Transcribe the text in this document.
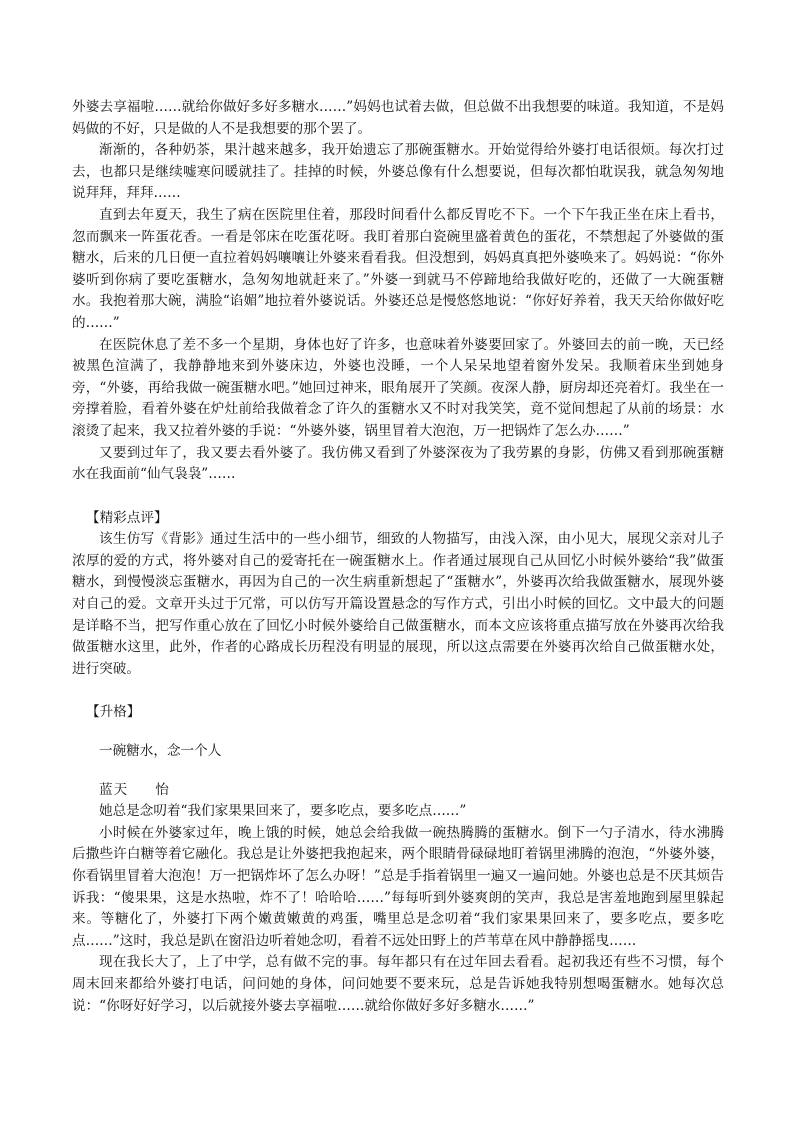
外婆去享福啦……就给你做好多好多糖水……”妈妈也试着去做，但总做不出我想要的味道。我知道，不是妈妈做的不好，只是做的人不是我想要的那个罢了。

渐渐的，各种奶茶，果汁越来越多，我开始遗忘了那碗蛋糖水。开始觉得给外婆打电话很烦。每次打过去，也都只是继续嘘寒问暖就挂了。挂掉的时候，外婆总像有什么想要说，但每次都怕耽误我，就急匆匆地说拜拜，拜拜……

直到去年夏天，我生了病在医院里住着，那段时间看什么都反胃吃不下。一个下午我正坐在床上看书，忽而飘来一阵蛋花香。一看是邻床在吃蛋花呀。我盯着那白瓷碗里盛着黄色的蛋花，不禁想起了外婆做的蛋糖水，后来的几日便一直拉着妈妈嚷嚷让外婆来看看我。但没想到，妈妈真真把外婆唤来了。妈妈说：“你外婆听到你病了要吃蛋糖水，急匆匆地就赶来了。”外婆一到就马不停蹄地给我做好吃的，还做了一大碗蛋糖水。我抱着那大碗，满脸“谄媚”地拉着外婆说话。外婆还总是慢悠悠地说：“你好好养着，我天天给你做好吃的……”

在医院休息了差不多一个星期，身体也好了许多，也意味着外婆要回家了。外婆回去的前一晚，天已经被黑色渲满了，我静静地来到外婆床边，外婆也没睡，一个人呆呆地望着窗外发呆。我顺着床坐到她身旁，“外婆，再给我做一碗蛋糖水吧。”她回过神来，眼角展开了笑颜。夜深人静，厨房却还亮着灯。我坐在一旁撑着脸，看着外婆在炉灶前给我做着念了许久的蛋糖水又不时对我笑笑，竟不觉间想起了从前的场景：水滚烫了起来，我又拉着外婆的手说：“外婆外婆，锅里冒着大泡泡，万一把锅炸了怎么办……”

又要到过年了，我又要去看外婆了。我仿佛又看到了外婆深夜为了我劳累的身影，仿佛又看到那碗蛋糖水在我面前“仙气袅袅”……

【精彩点评】

该生仿写《背影》通过生活中的一些小细节，细致的人物描写，由浅入深，由小见大，展现父亲对儿子浓厚的爱的方式，将外婆对自己的爱寄托在一碗蛋糖水上。作者通过展现自己从回忆小时候外婆给“我”做蛋糖水，到慢慢淡忘蛋糖水，再因为自己的一次生病重新想起了“蛋糖水”，外婆再次给我做蛋糖水，展现外婆对自己的爱。文章开头过于冗常，可以仿写开篇设置悬念的写作方式，引出小时候的回忆。文中最大的问题是详略不当，把写作重心放在了回忆小时候外婆给自己做蛋糖水，而本文应该将重点描写放在外婆再次给我做蛋糖水这里，此外，作者的心路成长历程没有明显的展现，所以这点需要在外婆再次给自己做蛋糖水处，进行突破。

【升格】

一碗糖水，念一个人

蓝天 怡

她总是念叨着“我们家果果回来了，要多吃点，要多吃点……”

小时候在外婆家过年，晚上饿的时候，她总会给我做一碗热腾腾的蛋糖水。倒下一勺子清水，待水沸腾后撒些许白糖等着它融化。我总是让外婆把我抱起来，两个眼睛骨碌碌地盯着锅里沸腾的泡泡，“外婆外婆，你看锅里冒着大泡泡！万一把锅炸坏了怎么办呀！”总是手指着锅里一遍又一遍问她。外婆也总是不厌其烦告诉我：“傻果果，这是水热啦，炸不了！哈哈哈……”每每听到外婆爽朗的笑声，我总是害羞地跑到屋里躲起来。等糖化了，外婆打下两个嫩黄嫩黄的鸡蛋，嘴里总是念叨着“我们家果果回来了，要多吃点，要多吃点……”这时，我总是趴在窗沿边听着她念叨，看着不远处田野上的芦苇草在风中静静摇曳……

现在我长大了，上了中学，总有做不完的事。每年都只有在过年回去看看。起初我还有些不习惯，每个周末回来都给外婆打电话，问问她的身体，问问她要不要来玩，总是告诉她我特别想喝蛋糖水。她每次总说：“你呀好好学习，以后就接外婆去享福啦……就给你做好多好多糖水……”
